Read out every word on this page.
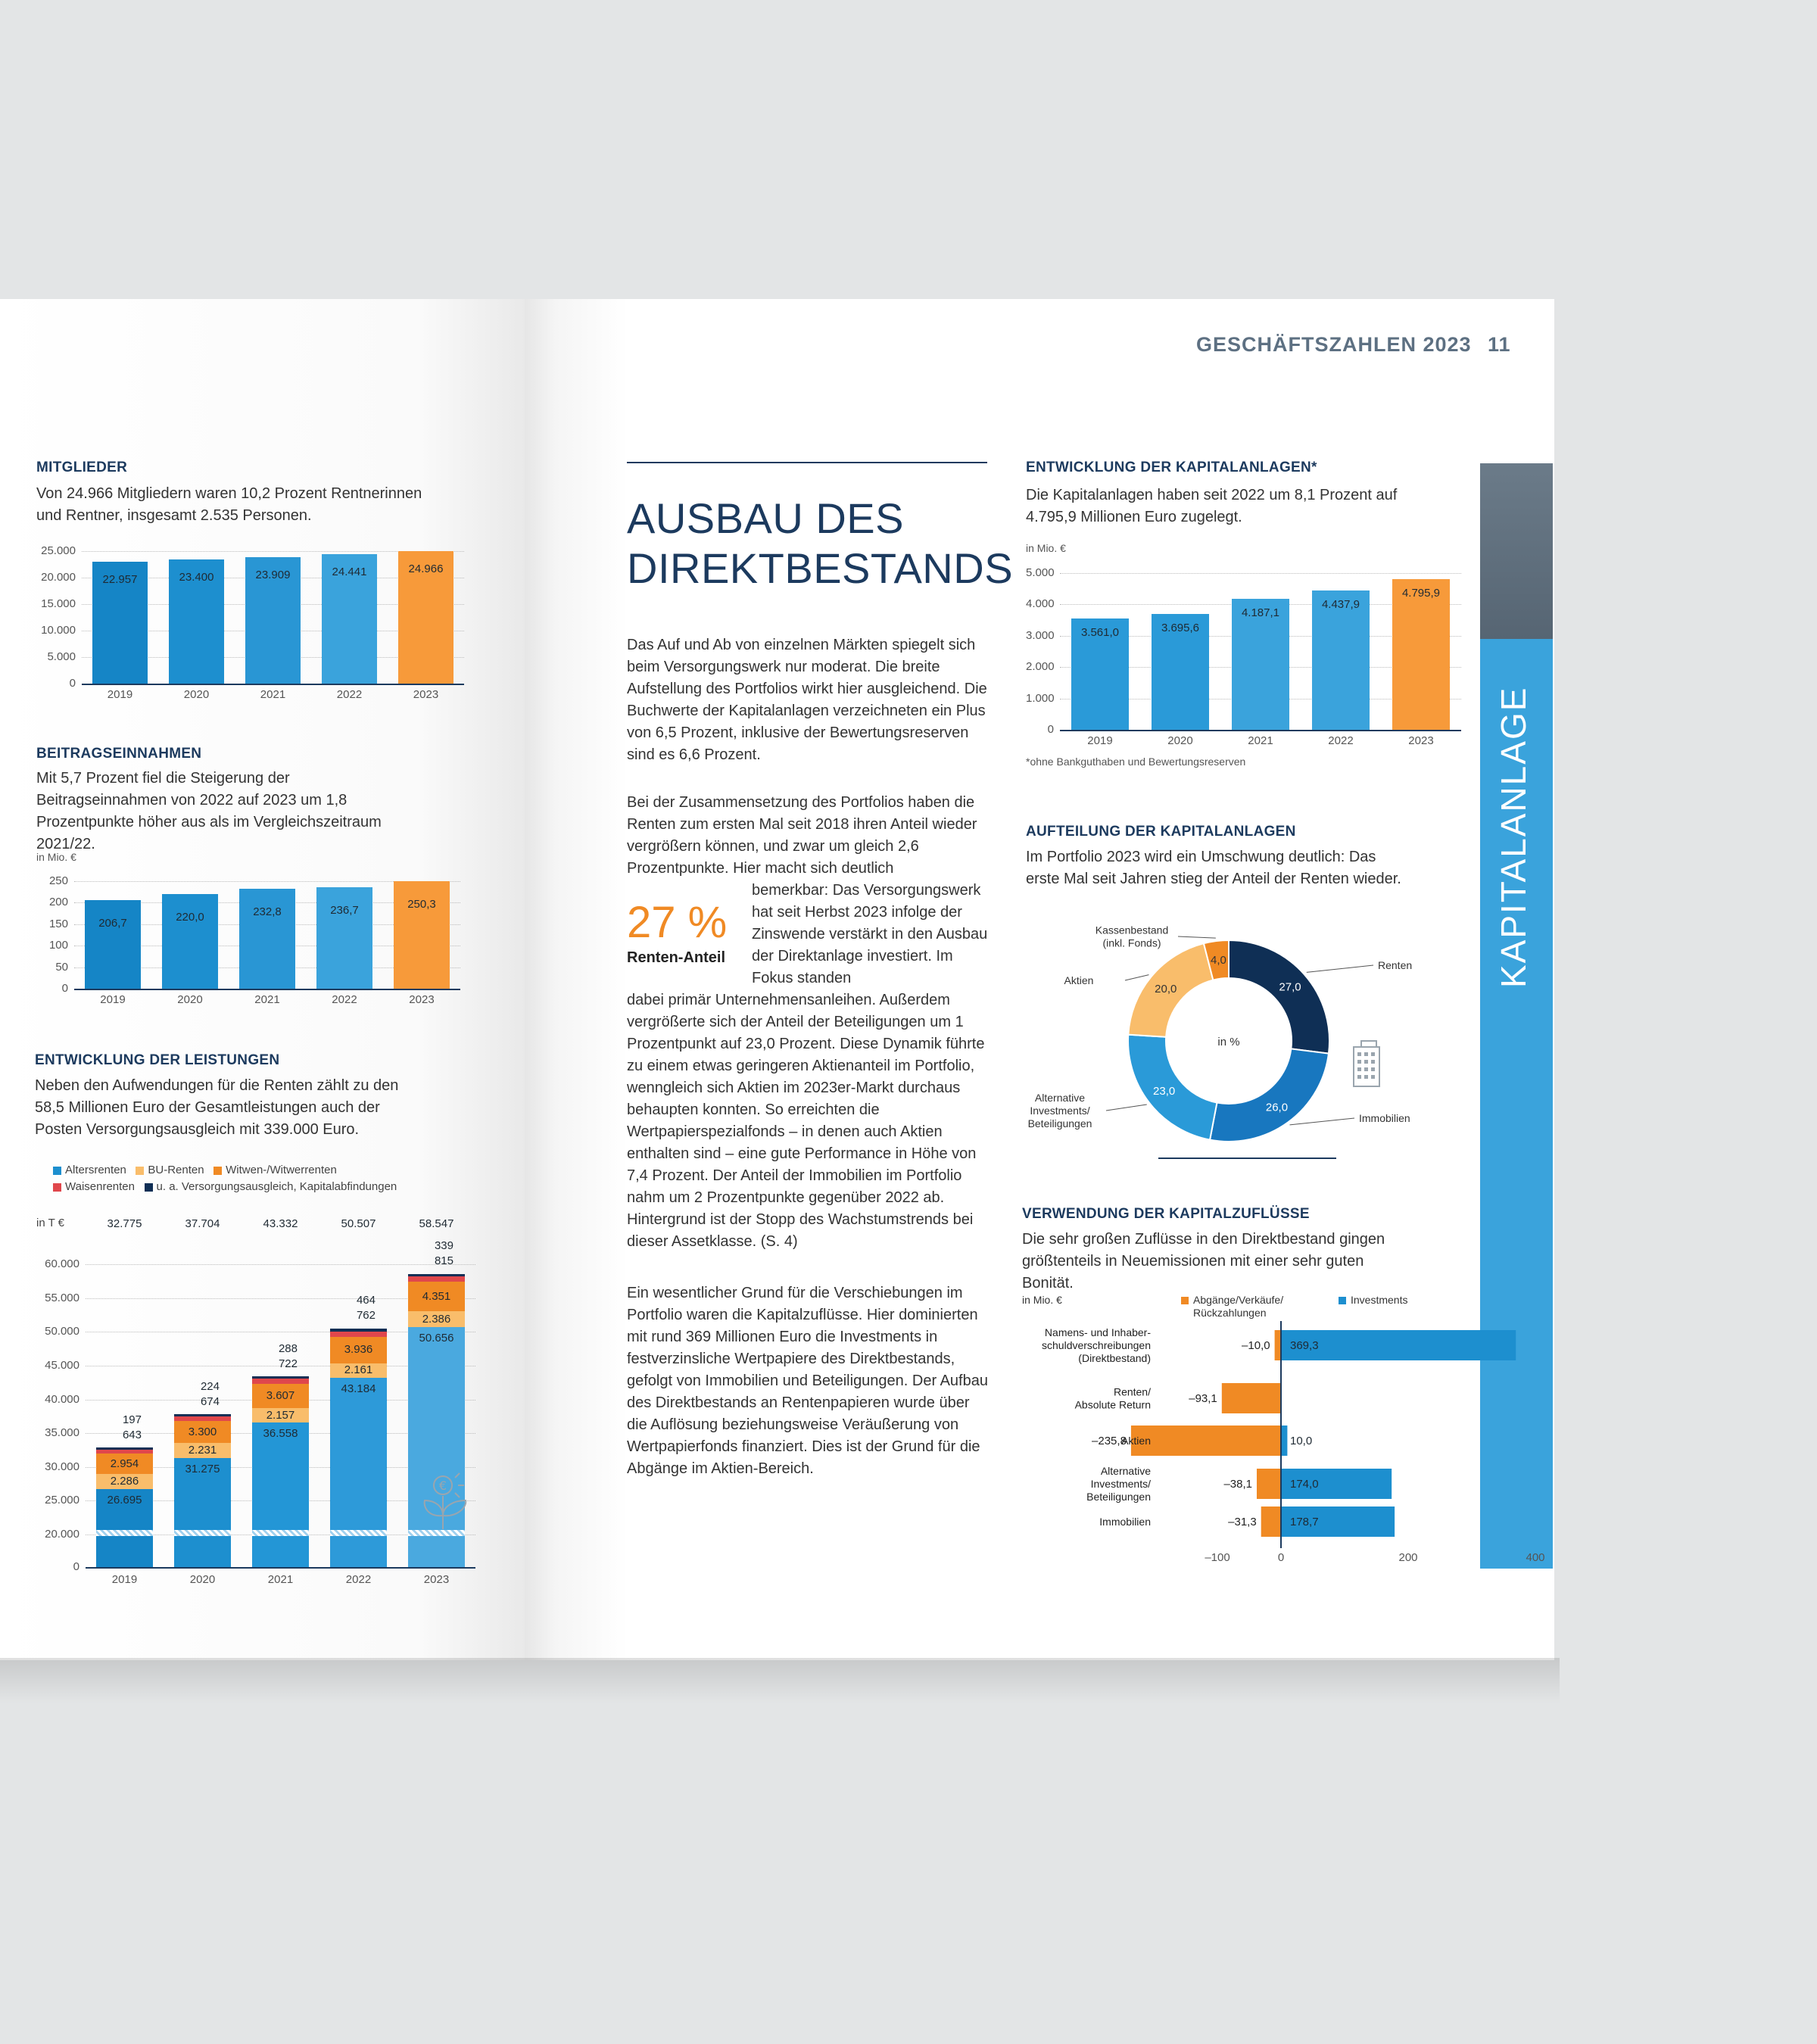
GESCHÄFTSZAHLEN 2023 11
KAPITALANLAGE
MITGLIEDER
Von 24.966 Mitgliedern waren 10,2 Prozent Rentnerinnen und Rentner, insgesamt 2.535 Personen.
25.000
20.000
15.000
10.000
5.000
0
22.957
2019
23.400
2020
23.909
2021
24.441
2022
24.966
2023
BEITRAGSEINNAHMEN
Mit 5,7 Prozent fiel die Steigerung der Beitragseinnahmen von 2022 auf 2023 um 1,8 Prozentpunkte höher aus als im Vergleichszeitraum 2021/22.
in Mio. €
250
200
150
100
50
0
206,7
2019
220,0
2020
232,8
2021
236,7
2022
250,3
2023
ENTWICKLUNG DER LEISTUNGEN
Neben den Aufwendungen für die Renten zählt zu den 58,5 Millionen Euro der Gesamtleistungen auch der Posten Versorgungsausgleich mit 339.000 Euro.
Altersrenten BU-Renten Witwen-/Witwerrenten
Waisenrenten u. a. Versorgungsausgleich, Kapitalabfindungen
in T €
60.000
55.000
50.000
45.000
40.000
35.000
30.000
25.000
20.000
0
32.775
26.695
2.286
2.954
643
197
2019
37.704
31.275
2.231
3.300
674
224
2020
43.332
36.558
2.157
3.607
722
288
2021
50.507
43.184
2.161
3.936
762
464
2022
58.547
50.656
2.386
4.351
815
339
2023
€
AUSBAU DES
DIREKTBESTANDS
Das Auf und Ab von einzelnen Märkten spiegelt sich beim Versorgungswerk nur moderat. Die breite Aufstellung des Portfolios wirkt hier ausgleichend. Die Buchwerte der Kapitalanlagen verzeichneten ein Plus von 6,5 Prozent, inklusive der Bewertungsreserven sind es 6,6 Prozent.
Bei der Zusammensetzung des Portfolios haben die Renten zum ersten Mal seit 2018 ihren Anteil wieder vergrößern können, und zwar um gleich 2,6 Prozentpunkte. Hier macht sich deutlich
27 %
Renten-Anteil
bemerkbar: Das Versorgungswerk hat seit Herbst 2023 infolge der Zinswende verstärkt in den Ausbau der Direktanlage investiert. Im Fokus standen
dabei primär Unternehmensanleihen. Außerdem vergrößerte sich der Anteil der Beteiligungen um 1 Prozentpunkt auf 23,0 Prozent. Diese Dynamik führte zu einem etwas geringeren Aktienanteil im Portfolio, wenngleich sich Aktien im 2023er-Markt durchaus behaupten konnten. So erreichten die Wertpapierspezialfonds – in denen auch Aktien enthalten sind – eine gute Performance in Höhe von 7,4 Prozent. Der Anteil der Immobilien im Portfolio nahm um 2 Prozentpunkte gegenüber 2022 ab. Hintergrund ist der Stopp des Wachstumstrends bei dieser Assetklasse. (S. 4)
Ein wesentlicher Grund für die Verschiebungen im Portfolio waren die Kapitalzuflüsse. Hier dominierten mit rund 369 Millionen Euro die Investments in festverzinsliche Wertpapiere des Direktbestands, gefolgt von Immobilien und Beteiligungen. Der Aufbau des Direktbestands an Rentenpapieren wurde über die Auflösung beziehungsweise Veräußerung von Wertpapierfonds finanziert. Dies ist der Grund für die Abgänge im Aktien-Bereich.
ENTWICKLUNG DER KAPITALANLAGEN*
Die Kapitalanlagen haben seit 2022 um 8,1 Prozent auf 4.795,9 Millionen Euro zugelegt.
in Mio. €
5.000
4.000
3.000
2.000
1.000
0
3.561,0
2019
3.695,6
2020
4.187,1
2021
4.437,9
2022
4.795,9
2023
*ohne Bankguthaben und Bewertungsreserven
AUFTEILUNG DER KAPITALANLAGEN
Im Portfolio 2023 wird ein Umschwung deutlich: Das erste Mal seit Jahren stieg der Anteil der Renten wieder.
27,0
Renten
26,0
Immobilien
23,0
Alternative Investments/ Beteiligungen
20,0
Aktien
4,0
Kassenbestand (inkl. Fonds)
in %
VERWENDUNG DER KAPITALZUFLÜSSE
Die sehr großen Zuflüsse in den Direktbestand gingen größtenteils in Neuemissionen mit einer sehr guten Bonität.
in Mio. €	Abgänge/Verkäufe/
Rückzahlungen
Investments
–10,0 369,3
Namens- und Inhaber-
schuldverschreibungen
(Direktbestand)
–93,1
Renten/
Absolute Return
–235,8	10,0
Aktien
–38,1	174,0
Alternative
Investments/
Beteiligungen
–31,3	178,7
Immobilien
–100	0	200	400
